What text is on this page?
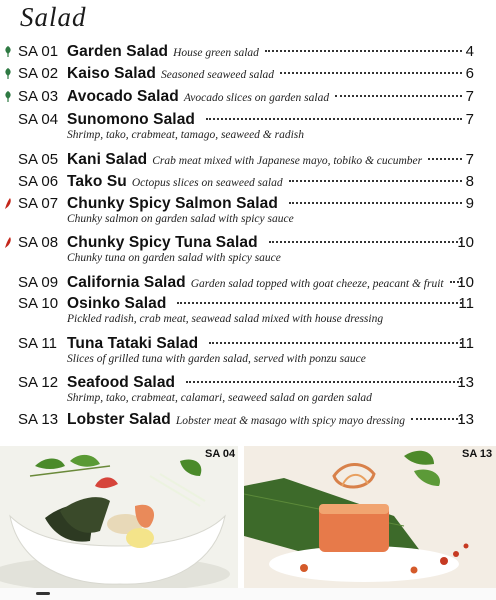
Salad
SA 01 Garden Salad House green salad	4
SA 02 Kaiso Salad Seasoned seaweed salad	6
SA 03 Avocado Salad Avocado slices on garden salad	7
SA 04 Sunomono Salad	7
Shrimp, tako, crabmeat, tamago, seaweed & radish
SA 05 Kani Salad Crab meat mixed with Japanese mayo, tobiko & cucumber	7
SA 06 Tako Su Octopus slices on seaweed salad	8
SA 07 Chunky Spicy Salmon Salad	9
Chunky salmon on garden salad with spicy sauce
SA 08 Chunky Spicy Tuna Salad	10
Chunky tuna on garden salad with spicy sauce
SA 09 California Salad Garden salad topped with goat cheeze, peacant & fruit 10
SA 10 Osinko Salad	11
Pickled radish, crab meat, seawead salad mixed with house dressing
SA 11 Tuna Tataki Salad	11
Slices of grilled tuna with garden salad, served with ponzu sauce
SA 12 Seafood Salad	13
Shrimp, tako, crabmeat, calamari, seaweed salad on garden salad
SA 13 Lobster Salad Lobster meat & masago with spicy mayo dressing	13
SA 04	SA 13
